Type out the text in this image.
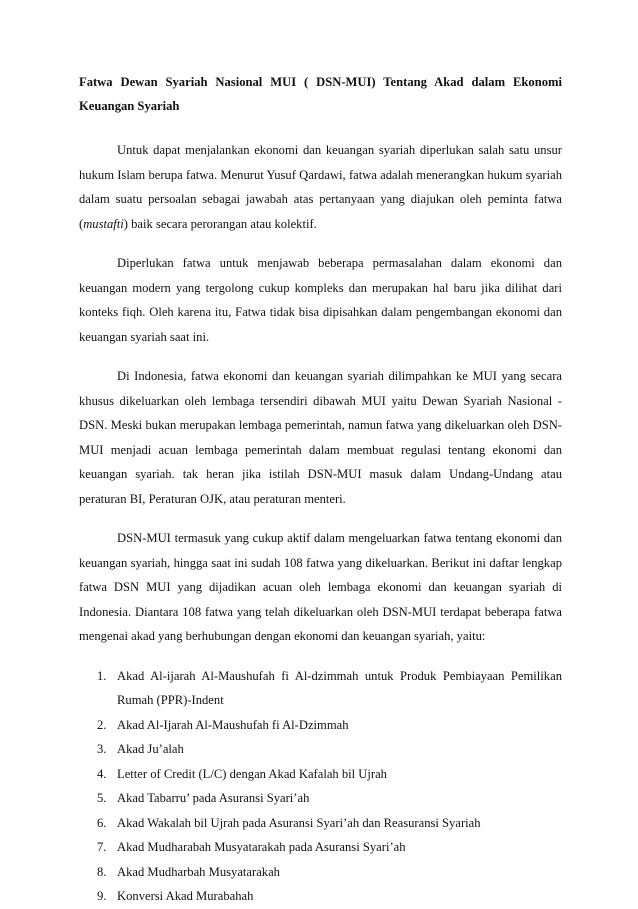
Fatwa Dewan Syariah Nasional MUI ( DSN-MUI) Tentang Akad dalam Ekonomi Keuangan Syariah

Untuk dapat menjalankan ekonomi dan keuangan syariah diperlukan salah satu unsur hukum Islam berupa fatwa. Menurut Yusuf Qardawi, fatwa adalah menerangkan hukum syariah dalam suatu persoalan sebagai jawabah atas pertanyaan yang diajukan oleh peminta fatwa (mustafti) baik secara perorangan atau kolektif.

Diperlukan fatwa untuk menjawab beberapa permasalahan dalam ekonomi dan keuangan modern yang tergolong cukup kompleks dan merupakan hal baru jika dilihat dari konteks fiqh. Oleh karena itu, Fatwa tidak bisa dipisahkan dalam pengembangan ekonomi dan keuangan syariah saat ini.

Di Indonesia, fatwa ekonomi dan keuangan syariah dilimpahkan ke MUI yang secara khusus dikeluarkan oleh lembaga tersendiri dibawah MUI yaitu Dewan Syariah Nasional - DSN. Meski bukan merupakan lembaga pemerintah, namun fatwa yang dikeluarkan oleh DSN-MUI menjadi acuan lembaga pemerintah dalam membuat regulasi tentang ekonomi dan keuangan syariah. tak heran jika istilah DSN-MUI masuk dalam Undang-Undang atau peraturan BI, Peraturan OJK, atau peraturan menteri.

DSN-MUI termasuk yang cukup aktif dalam mengeluarkan fatwa tentang ekonomi dan keuangan syariah, hingga saat ini sudah 108 fatwa yang dikeluarkan. Berikut ini daftar lengkap fatwa DSN MUI yang dijadikan acuan oleh lembaga ekonomi dan keuangan syariah di Indonesia. Diantara 108 fatwa yang telah dikeluarkan oleh DSN-MUI terdapat beberapa fatwa mengenai akad yang berhubungan dengan ekonomi dan keuangan syariah, yaitu:

1. Akad Al-ijarah Al-Maushufah fi Al-dzimmah untuk Produk Pembiayaan Pemilikan Rumah (PPR)-Indent
2. Akad Al-Ijarah Al-Maushufah fi Al-Dzimmah
3. Akad Ju’alah
4. Letter of Credit (L/C) dengan Akad Kafalah bil Ujrah
5. Akad Tabarru’ pada Asuransi Syari’ah
6. Akad Wakalah bil Ujrah pada Asuransi Syari’ah dan Reasuransi Syariah
7. Akad Mudharabah Musyatarakah pada Asuransi Syari’ah
8. Akad Mudharbah Musyatarakah
9. Konversi Akad Murabahah
